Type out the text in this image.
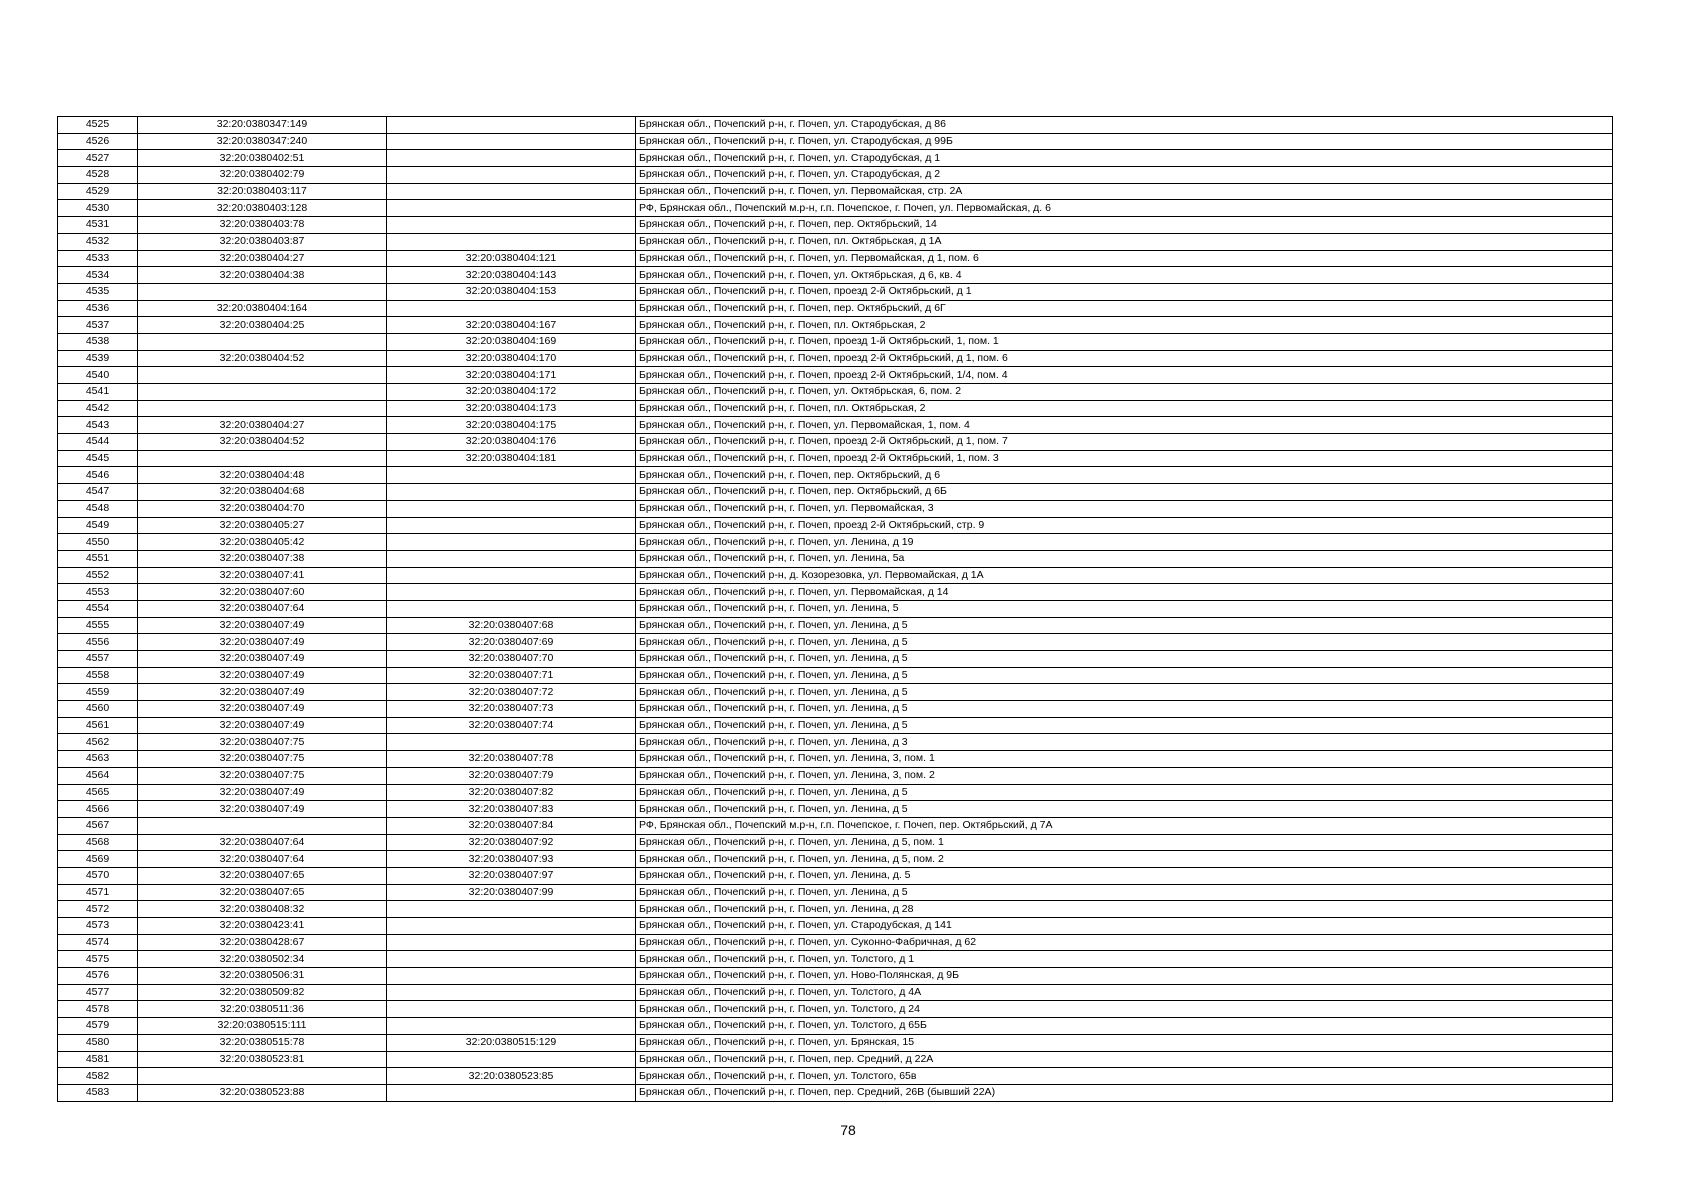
4525	32:20:0380347:149		Брянская обл., Почепский р-н, г. Почеп, ул. Стародубская, д 86
4526	32:20:0380347:240		Брянская обл., Почепский р-н, г. Почеп, ул. Стародубская, д 99Б
4527	32:20:0380402:51		Брянская обл., Почепский р-н, г. Почеп, ул. Стародубская, д 1
4528	32:20:0380402:79		Брянская обл., Почепский р-н, г. Почеп, ул. Стародубская, д 2
4529	32:20:0380403:117		Брянская обл., Почепский р-н, г. Почеп, ул. Первомайская, стр. 2А
4530	32:20:0380403:128		РФ, Брянская обл., Почепский м.р-н, г.п. Почепское, г. Почеп, ул. Первомайская, д. 6
4531	32:20:0380403:78		Брянская обл., Почепский р-н, г. Почеп, пер. Октябрьский, 14
4532	32:20:0380403:87		Брянская обл., Почепский р-н, г. Почеп, пл. Октябрьская, д 1А
4533	32:20:0380404:27	32:20:0380404:121	Брянская обл., Почепский р-н, г. Почеп, ул. Первомайская, д 1, пом. 6
4534	32:20:0380404:38	32:20:0380404:143	Брянская обл., Почепский р-н, г. Почеп, ул. Октябрьская, д 6, кв. 4
4535		32:20:0380404:153	Брянская обл., Почепский р-н, г. Почеп, проезд 2-й Октябрьский, д 1
4536	32:20:0380404:164		Брянская обл., Почепский р-н, г. Почеп, пер. Октябрьский, д 6Г
4537	32:20:0380404:25	32:20:0380404:167	Брянская обл., Почепский р-н, г. Почеп, пл. Октябрьская, 2
4538		32:20:0380404:169	Брянская обл., Почепский р-н, г. Почеп, проезд 1-й Октябрьский, 1, пом. 1
4539	32:20:0380404:52	32:20:0380404:170	Брянская обл., Почепский р-н, г. Почеп, проезд 2-й Октябрьский, д 1, пом. 6
4540		32:20:0380404:171	Брянская обл., Почепский р-н, г. Почеп, проезд 2-й Октябрьский, 1/4, пом. 4
4541		32:20:0380404:172	Брянская обл., Почепский р-н, г. Почеп, ул. Октябрьская, 6, пом. 2
4542		32:20:0380404:173	Брянская обл., Почепский р-н, г. Почеп, пл. Октябрьская, 2
4543	32:20:0380404:27	32:20:0380404:175	Брянская обл., Почепский р-н, г. Почеп, ул. Первомайская, 1, пом. 4
4544	32:20:0380404:52	32:20:0380404:176	Брянская обл., Почепский р-н, г. Почеп, проезд 2-й Октябрьский, д 1, пом. 7
4545		32:20:0380404:181	Брянская обл., Почепский р-н, г. Почеп, проезд 2-й Октябрьский, 1, пом. 3
4546	32:20:0380404:48		Брянская обл., Почепский р-н, г. Почеп, пер. Октябрьский, д 6
4547	32:20:0380404:68		Брянская обл., Почепский р-н, г. Почеп, пер. Октябрьский, д 6Б
4548	32:20:0380404:70		Брянская обл., Почепский р-н, г. Почеп, ул. Первомайская, 3
4549	32:20:0380405:27		Брянская обл., Почепский р-н, г. Почеп, проезд 2-й Октябрьский, стр. 9
4550	32:20:0380405:42		Брянская обл., Почепский р-н, г. Почеп, ул. Ленина, д 19
4551	32:20:0380407:38		Брянская обл., Почепский р-н, г. Почеп, ул. Ленина, 5а
4552	32:20:0380407:41		Брянская обл., Почепский р-н, д. Козорезовка, ул. Первомайская, д 1А
4553	32:20:0380407:60		Брянская обл., Почепский р-н, г. Почеп, ул. Первомайская, д 14
4554	32:20:0380407:64		Брянская обл., Почепский р-н, г. Почеп, ул. Ленина, 5
4555	32:20:0380407:49	32:20:0380407:68	Брянская обл., Почепский р-н, г. Почеп, ул. Ленина, д 5
4556	32:20:0380407:49	32:20:0380407:69	Брянская обл., Почепский р-н, г. Почеп, ул. Ленина, д 5
4557	32:20:0380407:49	32:20:0380407:70	Брянская обл., Почепский р-н, г. Почеп, ул. Ленина, д 5
4558	32:20:0380407:49	32:20:0380407:71	Брянская обл., Почепский р-н, г. Почеп, ул. Ленина, д 5
4559	32:20:0380407:49	32:20:0380407:72	Брянская обл., Почепский р-н, г. Почеп, ул. Ленина, д 5
4560	32:20:0380407:49	32:20:0380407:73	Брянская обл., Почепский р-н, г. Почеп, ул. Ленина, д 5
4561	32:20:0380407:49	32:20:0380407:74	Брянская обл., Почепский р-н, г. Почеп, ул. Ленина, д 5
4562	32:20:0380407:75		Брянская обл., Почепский р-н, г. Почеп, ул. Ленина, д 3
4563	32:20:0380407:75	32:20:0380407:78	Брянская обл., Почепский р-н, г. Почеп, ул. Ленина, 3, пом. 1
4564	32:20:0380407:75	32:20:0380407:79	Брянская обл., Почепский р-н, г. Почеп, ул. Ленина, 3, пом. 2
4565	32:20:0380407:49	32:20:0380407:82	Брянская обл., Почепский р-н, г. Почеп, ул. Ленина, д 5
4566	32:20:0380407:49	32:20:0380407:83	Брянская обл., Почепский р-н, г. Почеп, ул. Ленина, д 5
4567		32:20:0380407:84	РФ, Брянская обл., Почепский м.р-н, г.п. Почепское, г. Почеп, пер. Октябрьский, д 7А
4568	32:20:0380407:64	32:20:0380407:92	Брянская обл., Почепский р-н, г. Почеп, ул. Ленина, д 5, пом. 1
4569	32:20:0380407:64	32:20:0380407:93	Брянская обл., Почепский р-н, г. Почеп, ул. Ленина, д 5, пом. 2
4570	32:20:0380407:65	32:20:0380407:97	Брянская обл., Почепский р-н, г. Почеп, ул. Ленина, д. 5
4571	32:20:0380407:65	32:20:0380407:99	Брянская обл., Почепский р-н, г. Почеп, ул. Ленина, д 5
4572	32:20:0380408:32		Брянская обл., Почепский р-н, г. Почеп, ул. Ленина, д 28
4573	32:20:0380423:41		Брянская обл., Почепский р-н, г. Почеп, ул. Стародубская, д 141
4574	32:20:0380428:67		Брянская обл., Почепский р-н, г. Почеп, ул. Суконно-Фабричная, д 62
4575	32:20:0380502:34		Брянская обл., Почепский р-н, г. Почеп, ул. Толстого, д 1
4576	32:20:0380506:31		Брянская обл., Почепский р-н, г. Почеп, ул. Ново-Полянская, д 9Б
4577	32:20:0380509:82		Брянская обл., Почепский р-н, г. Почеп, ул. Толстого, д 4А
4578	32:20:0380511:36		Брянская обл., Почепский р-н, г. Почеп, ул. Толстого, д 24
4579	32:20:0380515:111		Брянская обл., Почепский р-н, г. Почеп, ул. Толстого, д 65Б
4580	32:20:0380515:78	32:20:0380515:129	Брянская обл., Почепский р-н, г. Почеп, ул. Брянская, 15
4581	32:20:0380523:81		Брянская обл., Почепский р-н, г. Почеп, пер. Средний, д 22А
4582		32:20:0380523:85	Брянская обл., Почепский р-н, г. Почеп, ул. Толстого, 65в
4583	32:20:0380523:88		Брянская обл., Почепский р-н, г. Почеп, пер. Средний, 26В (бывший 22А)
78
